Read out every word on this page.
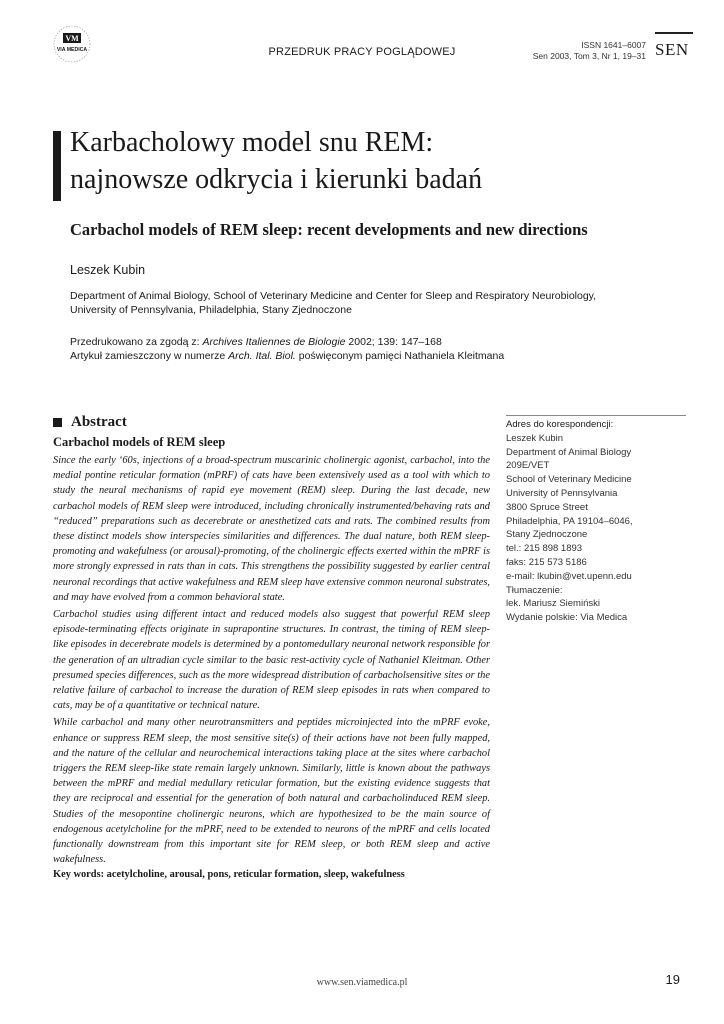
VM
VIA MEDICA	PRZEDRUK PRACY POGLĄDOWEJ
ISSN 1641–6007
Sen 2003, Tom 3, Nr 1, 19–31 SEN
Karbacholowy model snu REM:
najnowsze odkrycia i kierunki badań
Carbachol models of REM sleep: recent developments and new directions
Leszek Kubin
Department of Animal Biology, School of Veterinary Medicine and Center for Sleep and Respiratory Neurobiology,
University of Pennsylvania, Philadelphia, Stany Zjednoczone
Przedrukowano za zgodą z: Archives Italiennes de Biologie 2002; 139: 147–168
Artykuł zamieszczony w numerze Arch. Ital. Biol. poświęconym pamięci Nathaniela Kleitmana
Abstract
Carbachol models of REM sleep

Since the early ‘60s, injections of a broad-spectrum muscarinic cholinergic agonist, carbachol, into the medial pontine reticular formation (mPRF) of cats have been extensively used as a tool with which to study the neural mechanisms of rapid eye movement (REM) sleep. During the last decade, new carbachol models of REM sleep were introduced, including chronically instrumented/behaving rats and “reduced” preparations such as decerebrate or anesthetized cats and rats. The combined results from these distinct models show interspecies similarities and differences. The dual nature, both REM sleep-promoting and wakefulness (or arousal)-promoting, of the cholinergic effects exerted within the mPRF is more strongly expressed in rats than in cats. This strengthens the possibility suggested by earlier central neuronal recordings that active wakefulness and REM sleep have extensive common neuronal substrates, and may have evolved from a common behavioral state.

Carbachol studies using different intact and reduced models also suggest that powerful REM sleep episode-terminating effects originate in suprapontine structures. In contrast, the timing of REM sleep-like episodes in decerebrate models is determined by a pontomedullary neuronal network responsible for the generation of an ultradian cycle similar to the basic rest-activity cycle of Nathaniel Kleitman. Other presumed species differences, such as the more widespread distribution of carbacholsensitive sites or the relative failure of carbachol to increase the duration of REM sleep episodes in rats when compared to cats, may be of a quantitative or technical nature.

While carbachol and many other neurotransmitters and peptides microinjected into the mPRF evoke, enhance or suppress REM sleep, the most sensitive site(s) of their actions have not been fully mapped, and the nature of the cellular and neurochemical interactions taking place at the sites where carbachol triggers the REM sleep-like state remain largely unknown. Similarly, little is known about the pathways between the mPRF and medial medullary reticular formation, but the existing evidence suggests that they are reciprocal and essential for the generation of both natural and carbacholinduced REM sleep. Studies of the mesopontine cholinergic neurons, which are hypothesized to be the main source of endogenous acetylcholine for the mPRF, need to be extended to neurons of the mPRF and cells located functionally downstream from this important site for REM sleep, or both REM sleep and active wakefulness.

Key words: acetylcholine, arousal, pons, reticular formation, sleep, wakefulness
Adres do korespondencji:
Leszek Kubin
Department of Animal Biology
209E/VET
School of Veterinary Medicine
University of Pennsylvania
3800 Spruce Street
Philadelphia, PA 19104–6046,
Stany Zjednoczone
tel.: 215 898 1893
faks: 215 573 5186
e-mail: lkubin@vet.upenn.edu
Tłumaczenie:
lek. Mariusz Siemiński
Wydanie polskie: Via Medica
www.sen.viamedica.pl	19
